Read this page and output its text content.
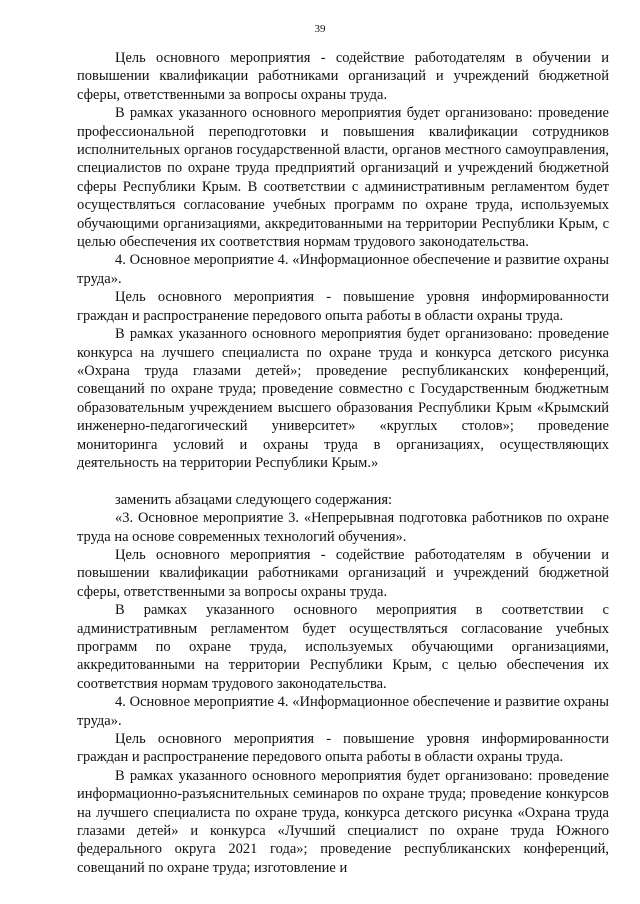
39

Цель основного мероприятия - содействие работодателям в обучении и повышении квалификации работниками организаций и учреждений бюджетной сферы, ответственными за вопросы охраны труда.

В рамках указанного основного мероприятия будет организовано: проведение профессиональной переподготовки и повышения квалификации сотрудников исполнительных органов государственной власти, органов местного самоуправления, специалистов по охране труда предприятий организаций и учреждений бюджетной сферы Республики Крым. В соответствии с административным регламентом будет осуществляться согласование учебных программ по охране труда, используемых обучающими организациями, аккредитованными на территории Республики Крым, с целью обеспечения их соответствия нормам трудового законодательства.

4. Основное мероприятие 4. «Информационное обеспечение и развитие охраны труда».

Цель основного мероприятия - повышение уровня информированности граждан и распространение передового опыта работы в области охраны труда.

В рамках указанного основного мероприятия будет организовано: проведение конкурса на лучшего специалиста по охране труда и конкурса детского рисунка «Охрана труда глазами детей»; проведение республиканских конференций, совещаний по охране труда; проведение совместно с Государственным бюджетным образовательным учреждением высшего образования Республики Крым «Крымский инженерно-педагогический университет» «круглых столов»; проведение мониторинга условий и охраны труда в организациях, осуществляющих деятельность на территории Республики Крым.»

заменить абзацами следующего содержания:

«3. Основное мероприятие 3. «Непрерывная подготовка работников по охране труда на основе современных технологий обучения».

Цель основного мероприятия - содействие работодателям в обучении и повышении квалификации работниками организаций и учреждений бюджетной сферы, ответственными за вопросы охраны труда.

В рамках указанного основного мероприятия в соответствии с административным регламентом будет осуществляться согласование учебных программ по охране труда, используемых обучающими организациями, аккредитованными на территории Республики Крым, с целью обеспечения их соответствия нормам трудового законодательства.

4. Основное мероприятие 4. «Информационное обеспечение и развитие охраны труда».

Цель основного мероприятия - повышение уровня информированности граждан и распространение передового опыта работы в области охраны труда.

В рамках указанного основного мероприятия будет организовано: проведение информационно-разъяснительных семинаров по охране труда; проведение конкурсов на лучшего специалиста по охране труда, конкурса детского рисунка «Охрана труда глазами детей» и конкурса «Лучший специалист по охране труда Южного федерального округа 2021 года»; проведение республиканских конференций, совещаний по охране труда; изготовление и
